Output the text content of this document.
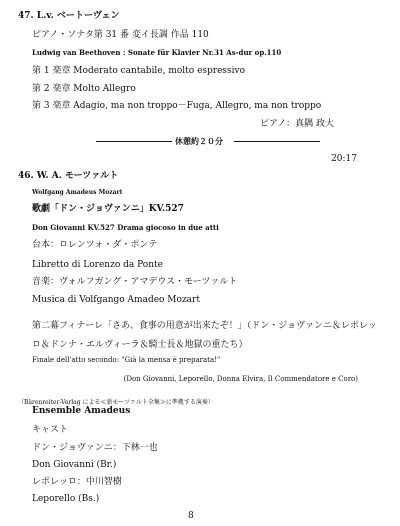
47. L.v. ベートーヴェン
ピアノ・ソナタ第 31 番 変イ長調 作品 110
Ludwig van Beethoven : Sonate für Klavier Nr.31 As-dur op.110
第 1 楽章 Moderato cantabile, molto espressivo
第 2 楽章 Molto Allegro
第 3 楽章 Adagio, ma non troppo－Fuga, Allegro, ma non troppo
ピアノ：真隅 政大
休憩約２０分
20:17
46. W. A. モーツァルト
Wolfgang Amadeus Mozart
歌劇「ドン・ジョヴァンニ」KV.527
Don Giovanni KV.527 Drama giocoso in due atti
台本：ロレンツォ・ダ・ポンテ
Libretto di Lorenzo da Ponte
音楽：ヴォルフガング・アマデウス・モーツァルト
Musica di Volfgango Amadeo Mozart
第二幕フィナーレ「さあ、食事の用意が出来たぞ！」（ドン・ジョヴァンニ＆レポレッ
ロ＆ドンナ・エルヴィーラ＆騎士長＆地獄の重たち）
Finale dell'atto secondo: "Già la mensa è preparata!"
(Don Giovanni, Leporello, Donna Elvira, Il Commendatore e Coro)
（Bärenreiter-Verlag による≪新モーツァルト全集≫に準拠する演奏）
Ensemble Amadeus
キャスト
ドン・ジョヴァンニ：下林一也
Don Giovanni (Br.)
レポレッロ：中川智樹
Leporello (Bs.)
8
